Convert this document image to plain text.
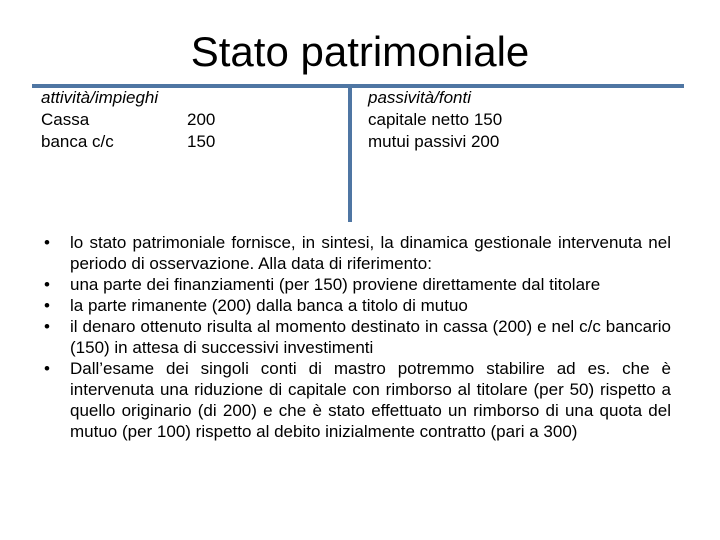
Stato patrimoniale
attività/impieghi
Cassa	200
banca c/c	150
passività/fonti
capitale netto 150
mutui passivi 200
• lo stato patrimoniale fornisce, in sintesi, la dinamica gestionale intervenuta nel periodo di osservazione. Alla data di riferimento:
• una parte dei finanziamenti (per 150) proviene direttamente dal titolare
• la parte rimanente (200) dalla banca a titolo di mutuo
• il denaro ottenuto risulta al momento destinato in cassa (200) e nel c/c bancario (150) in attesa di successivi investimenti
• Dall’esame dei singoli conti di mastro potremmo stabilire ad es. che è intervenuta una riduzione di capitale con rimborso al titolare (per 50) rispetto a quello originario (di 200) e che è stato effettuato un rimborso di una quota del mutuo (per 100) rispetto al debito inizialmente contratto (pari a 300)
